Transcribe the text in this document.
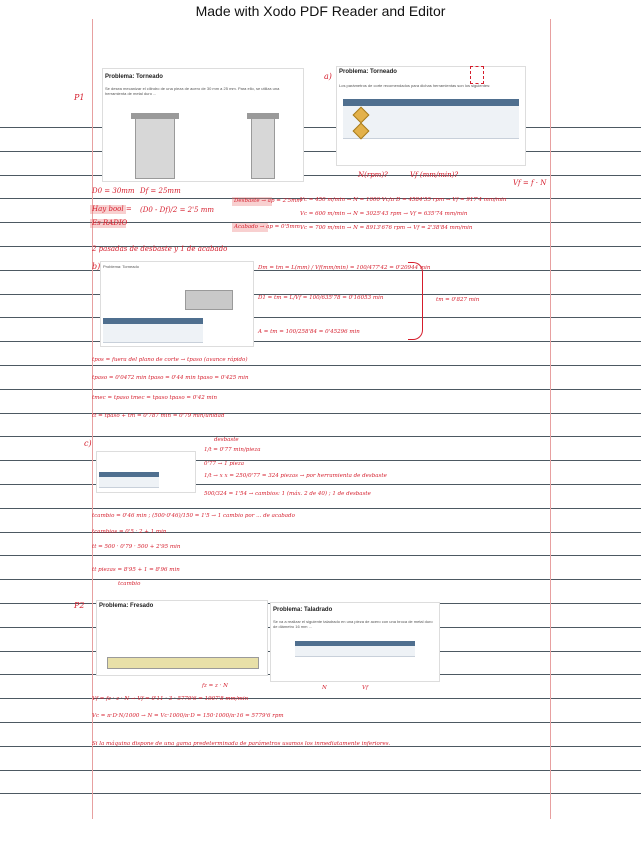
Made with Xodo PDF Reader and Editor
P1
P2
Problema: Torneado
Se desea mecanizar el cilindro de una pieza de acero de 30 mm a 25 mm. Para ello, se utiliza una herramienta de metal duro ...
a) Problema: Torneado
Los parámetros de corte recomendados para dichas herramientas son los siguientes:
N(rpm)?	Vf (mm/min)?
Vf = f · N
D0 = 30mm Df = 25mm
Hay bool =
Es RADIO
(D0 - Df)/2 = 2'5 mm
Desbaste → ap = 2'5mm
Acabado → ap = 0'5mm
Vc = 450 m/min → N = 1000·Vc/π·D = 4584'55 rpm → Vf = 917'4 mm/min
Vc = 600 m/min → N = 3025'43 rpm → Vf = 635'74 mm/min
Vc = 700 m/min → N = 8913'676 rpm → Vf = 2'38'84 mm/min
2 pasadas de desbaste y 1 de acabado
b) Problema: Torneado	Dm = tm = L(mm) / Vf(mm/min) = 100/477'42 = 0'20944 min
D1 = tm = L/Vf = 100/635'78 = 0'16053 min
A = tm = 100/258'84 = 0'45296 min
tm = 0'827 min
tpos = fuera del plano de corte → tpaso (avance rápido)
tpaso = 0'0472 min tpaso = 0'44 min tpaso = 0'425 min
tmec = tpaso tmec = tpaso tpaso = 0'42 min
tt = tpaso + tm = 0'787 min = 0'79 min/unidad
c)	desbaste
1/t = 0'77 min/pieza
0'77 → 1 pieza
1/t → x x = 250/0'77 = 324 piezas → por herramienta de desbaste
500/324 = 1'54 → cambios: 1 (máx. 2 de 40) ; 1 de desbaste
tcambio = 0'46 min ; (500·0'46)/150 = 1'5 → 1 cambio por ... de acabado
tcambios = 0'5 · 2 + 1 min
tt = 500 · 0'79 · 500 + 2'95 min
tt piezas = 8'95 + 1 = 8'96 min
tcambio
Problema: Fresado
Problema: Taladrado
Se va a realizar el siguiente taladrado en una pieza de acero con una broca de metal duro de diámetro 16 mm ...
N	Vf
fz = z · N
Vf = fz · z · N → Vf = 0'11 · 3 · 5779'6 = 1907'8 mm/min
Vc = π·D·N/1000 → N = Vc·1000/π·D = 150·1000/π·16 = 5779'6 rpm
Si la máquina dispone de una gama predeterminada de parámetros usamos los inmediatamente inferiores.
